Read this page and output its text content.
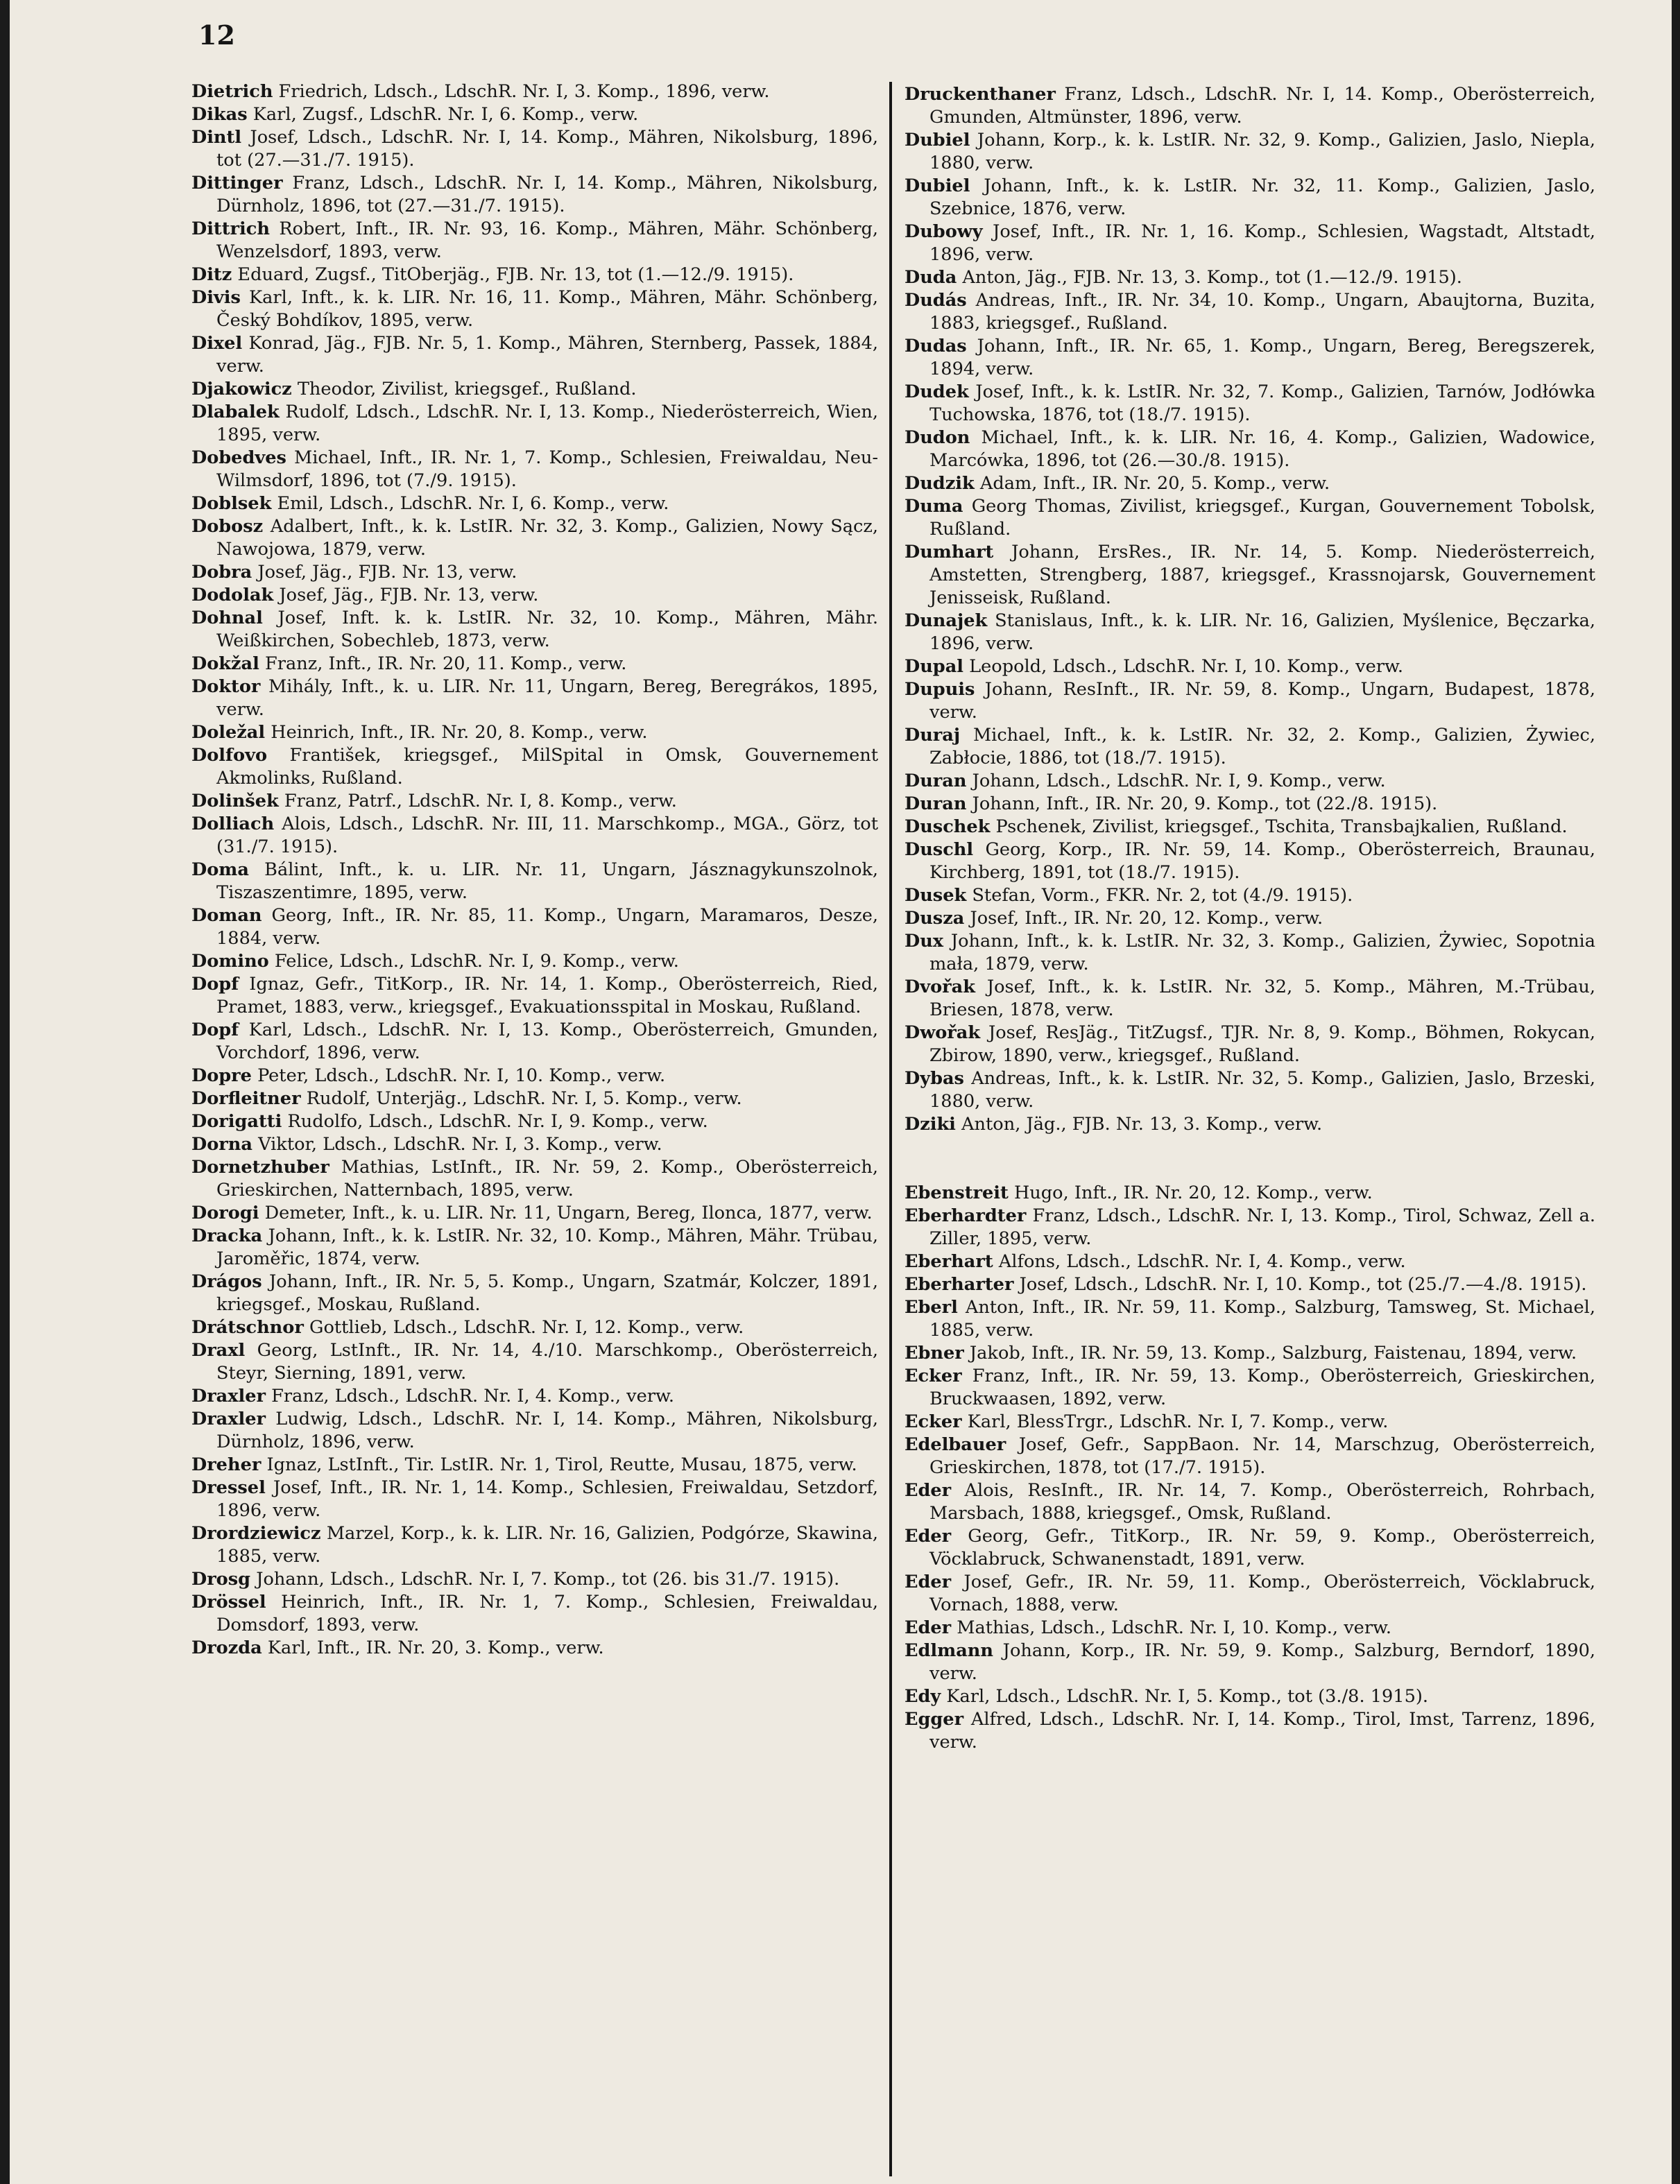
12

Dietrich Friedrich, Ldsch., LdschR. Nr. I, 3. Komp., 1896, verw.

Dikas Karl, Zugsf., LdschR. Nr. I, 6. Komp., verw.

Dintl Josef, Ldsch., LdschR. Nr. I, 14. Komp., Mähren, Nikolsburg, 1896, tot (27.—31./7. 1915).

Dittinger Franz, Ldsch., LdschR. Nr. I, 14. Komp., Mähren, Nikolsburg, Dürnholz, 1896, tot (27.—31./7. 1915).

Dittrich Robert, Inft., IR. Nr. 93, 16. Komp., Mähren, Mähr. Schönberg, Wenzelsdorf, 1893, verw.

Ditz Eduard, Zugsf., TitOberjäg., FJB. Nr. 13, tot (1.—12./9. 1915).

Divis Karl, Inft., k. k. LIR. Nr. 16, 11. Komp., Mähren, Mähr. Schönberg, Český Bohdíkov, 1895, verw.

Dixel Konrad, Jäg., FJB. Nr. 5, 1. Komp., Mähren, Sternberg, Passek, 1884, verw.

Djakowicz Theodor, Zivilist, kriegsgef., Rußland.

Dlabalek Rudolf, Ldsch., LdschR. Nr. I, 13. Komp., Niederösterreich, Wien, 1895, verw.

Dobedves Michael, Inft., IR. Nr. 1, 7. Komp., Schlesien, Freiwaldau, Neu-Wilmsdorf, 1896, tot (7./9. 1915).

Doblsek Emil, Ldsch., LdschR. Nr. I, 6. Komp., verw.

Dobosz Adalbert, Inft., k. k. LstIR. Nr. 32, 3. Komp., Galizien, Nowy Sącz, Nawojowa, 1879, verw.

Dobra Josef, Jäg., FJB. Nr. 13, verw.

Dodolak Josef, Jäg., FJB. Nr. 13, verw.

Dohnal Josef, Inft. k. k. LstIR. Nr. 32, 10. Komp., Mähren, Mähr. Weißkirchen, Sobechleb, 1873, verw.

Dokžal Franz, Inft., IR. Nr. 20, 11. Komp., verw.

Doktor Mihály, Inft., k. u. LIR. Nr. 11, Ungarn, Bereg, Beregrákos, 1895, verw.

Doležal Heinrich, Inft., IR. Nr. 20, 8. Komp., verw.

Dolfovo František, kriegsgef., MilSpital in Omsk, Gouvernement Akmolinks, Rußland.

Dolinšek Franz, Patrf., LdschR. Nr. I, 8. Komp., verw.

Dolliach Alois, Ldsch., LdschR. Nr. III, 11. Marschkomp., MGA., Görz, tot (31./7. 1915).

Doma Bálint, Inft., k. u. LIR. Nr. 11, Ungarn, Jásznagykunszolnok, Tiszaszentimre, 1895, verw.

Doman Georg, Inft., IR. Nr. 85, 11. Komp., Ungarn, Maramaros, Desze, 1884, verw.

Domino Felice, Ldsch., LdschR. Nr. I, 9. Komp., verw.

Dopf Ignaz, Gefr., TitKorp., IR. Nr. 14, 1. Komp., Oberösterreich, Ried, Pramet, 1883, verw., kriegsgef., Evakuationsspital in Moskau, Rußland.

Dopf Karl, Ldsch., LdschR. Nr. I, 13. Komp., Oberösterreich, Gmunden, Vorchdorf, 1896, verw.

Dopre Peter, Ldsch., LdschR. Nr. I, 10. Komp., verw.

Dorfleitner Rudolf, Unterjäg., LdschR. Nr. I, 5. Komp., verw.

Dorigatti Rudolfo, Ldsch., LdschR. Nr. I, 9. Komp., verw.

Dorna Viktor, Ldsch., LdschR. Nr. I, 3. Komp., verw.

Dornetzhuber Mathias, LstInft., IR. Nr. 59, 2. Komp., Oberösterreich, Grieskirchen, Natternbach, 1895, verw.

Dorogi Demeter, Inft., k. u. LIR. Nr. 11, Ungarn, Bereg, Ilonca, 1877, verw.

Dracka Johann, Inft., k. k. LstIR. Nr. 32, 10. Komp., Mähren, Mähr. Trübau, Jaroměřic, 1874, verw.

Drágos Johann, Inft., IR. Nr. 5, 5. Komp., Ungarn, Szatmár, Kolczer, 1891, kriegsgef., Moskau, Rußland.

Drátschnor Gottlieb, Ldsch., LdschR. Nr. I, 12. Komp., verw.

Draxl Georg, LstInft., IR. Nr. 14, 4./10. Marschkomp., Oberösterreich, Steyr, Sierning, 1891, verw.

Draxler Franz, Ldsch., LdschR. Nr. I, 4. Komp., verw.

Draxler Ludwig, Ldsch., LdschR. Nr. I, 14. Komp., Mähren, Nikolsburg, Dürnholz, 1896, verw.

Dreher Ignaz, LstInft., Tir. LstIR. Nr. 1, Tirol, Reutte, Musau, 1875, verw.

Dressel Josef, Inft., IR. Nr. 1, 14. Komp., Schlesien, Freiwaldau, Setzdorf, 1896, verw.

Drordziewicz Marzel, Korp., k. k. LIR. Nr. 16, Galizien, Podgórze, Skawina, 1885, verw.

Drosg Johann, Ldsch., LdschR. Nr. I, 7. Komp., tot (26. bis 31./7. 1915).

Drössel Heinrich, Inft., IR. Nr. 1, 7. Komp., Schlesien, Freiwaldau, Domsdorf, 1893, verw.

Drozda Karl, Inft., IR. Nr. 20, 3. Komp., verw.

Druckenthaner Franz, Ldsch., LdschR. Nr. I, 14. Komp., Oberösterreich, Gmunden, Altmünster, 1896, verw.

Dubiel Johann, Korp., k. k. LstIR. Nr. 32, 9. Komp., Galizien, Jaslo, Niepla, 1880, verw.

Dubiel Johann, Inft., k. k. LstIR. Nr. 32, 11. Komp., Galizien, Jaslo, Szebnice, 1876, verw.

Dubowy Josef, Inft., IR. Nr. 1, 16. Komp., Schlesien, Wagstadt, Altstadt, 1896, verw.

Duda Anton, Jäg., FJB. Nr. 13, 3. Komp., tot (1.—12./9. 1915).

Dudás Andreas, Inft., IR. Nr. 34, 10. Komp., Ungarn, Abaujtorna, Buzita, 1883, kriegsgef., Rußland.

Dudas Johann, Inft., IR. Nr. 65, 1. Komp., Ungarn, Bereg, Beregszerek, 1894, verw.

Dudek Josef, Inft., k. k. LstIR. Nr. 32, 7. Komp., Galizien, Tarnów, Jodłówka Tuchowska, 1876, tot (18./7. 1915).

Dudon Michael, Inft., k. k. LIR. Nr. 16, 4. Komp., Galizien, Wadowice, Marcówka, 1896, tot (26.—30./8. 1915).

Dudzik Adam, Inft., IR. Nr. 20, 5. Komp., verw.

Duma Georg Thomas, Zivilist, kriegsgef., Kurgan, Gouvernement Tobolsk, Rußland.

Dumhart Johann, ErsRes., IR. Nr. 14, 5. Komp. Niederösterreich, Amstetten, Strengberg, 1887, kriegsgef., Krassnojarsk, Gouvernement Jenisseisk, Rußland.

Dunajek Stanislaus, Inft., k. k. LIR. Nr. 16, Galizien, Myślenice, Bęczarka, 1896, verw.

Dupal Leopold, Ldsch., LdschR. Nr. I, 10. Komp., verw.

Dupuis Johann, ResInft., IR. Nr. 59, 8. Komp., Ungarn, Budapest, 1878, verw.

Duraj Michael, Inft., k. k. LstIR. Nr. 32, 2. Komp., Galizien, Żywiec, Zabłocie, 1886, tot (18./7. 1915).

Duran Johann, Ldsch., LdschR. Nr. I, 9. Komp., verw.

Duran Johann, Inft., IR. Nr. 20, 9. Komp., tot (22./8. 1915).

Duschek Pschenek, Zivilist, kriegsgef., Tschita, Transbajkalien, Rußland.

Duschl Georg, Korp., IR. Nr. 59, 14. Komp., Oberösterreich, Braunau, Kirchberg, 1891, tot (18./7. 1915).

Dusek Stefan, Vorm., FKR. Nr. 2, tot (4./9. 1915).

Dusza Josef, Inft., IR. Nr. 20, 12. Komp., verw.

Dux Johann, Inft., k. k. LstIR. Nr. 32, 3. Komp., Galizien, Żywiec, Sopotnia mała, 1879, verw.

Dvořak Josef, Inft., k. k. LstIR. Nr. 32, 5. Komp., Mähren, M.-Trübau, Briesen, 1878, verw.

Dwořak Josef, ResJäg., TitZugsf., TJR. Nr. 8, 9. Komp., Böhmen, Rokycan, Zbirow, 1890, verw., kriegsgef., Rußland.

Dybas Andreas, Inft., k. k. LstIR. Nr. 32, 5. Komp., Galizien, Jaslo, Brzeski, 1880, verw.

Dziki Anton, Jäg., FJB. Nr. 13, 3. Komp., verw.

Ebenstreit Hugo, Inft., IR. Nr. 20, 12. Komp., verw.

Eberhardter Franz, Ldsch., LdschR. Nr. I, 13. Komp., Tirol, Schwaz, Zell a. Ziller, 1895, verw.

Eberhart Alfons, Ldsch., LdschR. Nr. I, 4. Komp., verw.

Eberharter Josef, Ldsch., LdschR. Nr. I, 10. Komp., tot (25./7.—4./8. 1915).

Eberl Anton, Inft., IR. Nr. 59, 11. Komp., Salzburg, Tamsweg, St. Michael, 1885, verw.

Ebner Jakob, Inft., IR. Nr. 59, 13. Komp., Salzburg, Faistenau, 1894, verw.

Ecker Franz, Inft., IR. Nr. 59, 13. Komp., Oberösterreich, Grieskirchen, Bruckwaasen, 1892, verw.

Ecker Karl, BlessTrgr., LdschR. Nr. I, 7. Komp., verw.

Edelbauer Josef, Gefr., SappBaon. Nr. 14, Marschzug, Oberösterreich, Grieskirchen, 1878, tot (17./7. 1915).

Eder Alois, ResInft., IR. Nr. 14, 7. Komp., Oberösterreich, Rohrbach, Marsbach, 1888, kriegsgef., Omsk, Rußland.

Eder Georg, Gefr., TitKorp., IR. Nr. 59, 9. Komp., Oberösterreich, Vöcklabruck, Schwanenstadt, 1891, verw.

Eder Josef, Gefr., IR. Nr. 59, 11. Komp., Oberösterreich, Vöcklabruck, Vornach, 1888, verw.

Eder Mathias, Ldsch., LdschR. Nr. I, 10. Komp., verw.

Edlmann Johann, Korp., IR. Nr. 59, 9. Komp., Salzburg, Berndorf, 1890, verw.

Edy Karl, Ldsch., LdschR. Nr. I, 5. Komp., tot (3./8. 1915).

Egger Alfred, Ldsch., LdschR. Nr. I, 14. Komp., Tirol, Imst, Tarrenz, 1896, verw.
